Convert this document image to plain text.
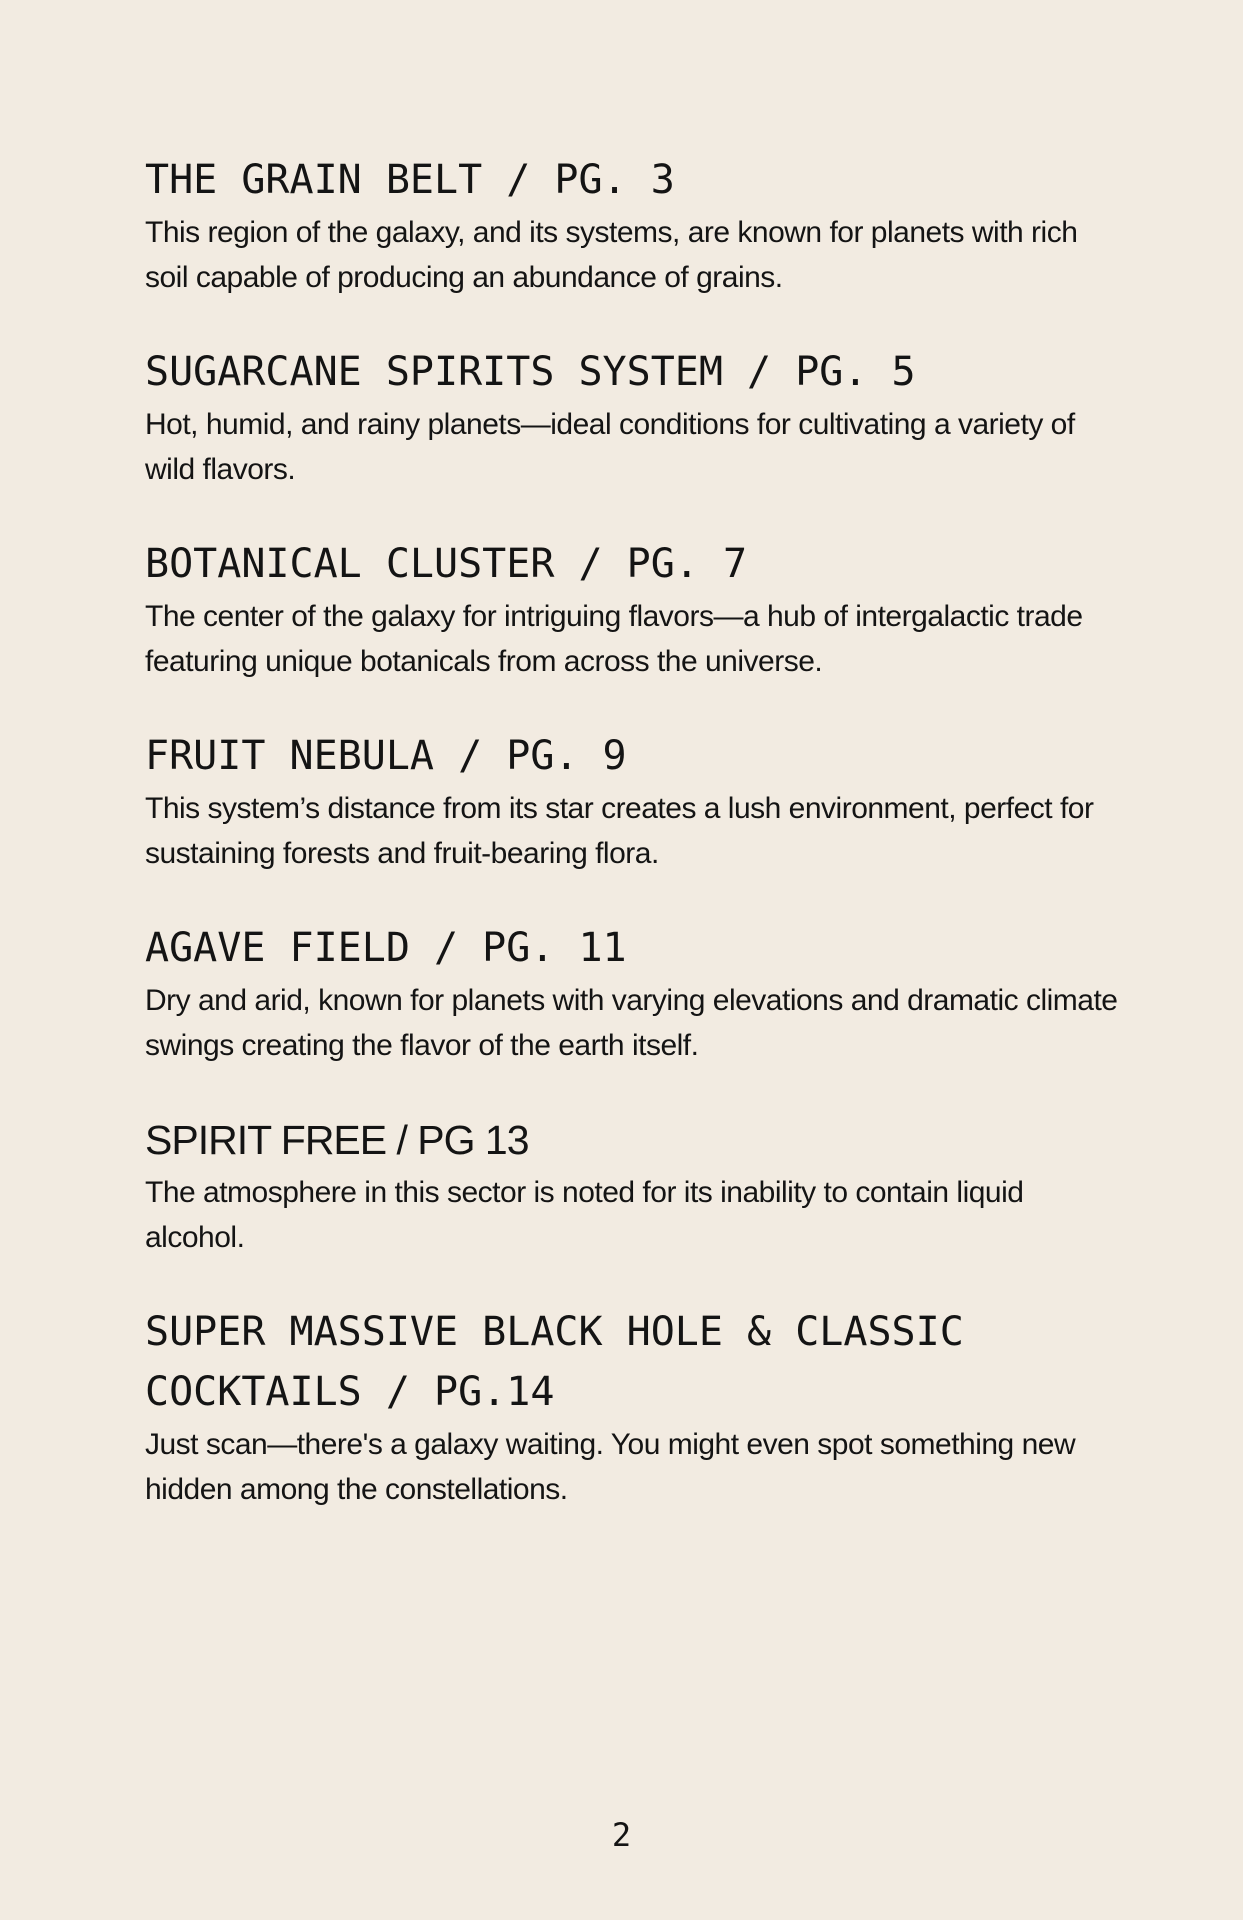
THE GRAIN BELT / PG. 3

This region of the galaxy, and its systems, are known for planets with rich soil capable of producing an abundance of grains.

SUGARCANE SPIRITS SYSTEM / PG. 5

Hot, humid, and rainy planets—ideal conditions for cultivating a variety of wild flavors.

BOTANICAL CLUSTER / PG. 7

The center of the galaxy for intriguing flavors—a hub of intergalactic trade featuring unique botanicals from across the universe.

FRUIT NEBULA / PG. 9

This system’s distance from its star creates a lush environment, perfect for sustaining forests and fruit-bearing flora.

AGAVE FIELD / PG. 11

Dry and arid, known for planets with varying elevations and dramatic climate swings creating the flavor of the earth itself.

SPIRIT FREE / PG 13

The atmosphere in this sector is noted for its inability to contain liquid alcohol.

SUPER MASSIVE BLACK HOLE & CLASSIC COCKTAILS / PG.14

Just scan—there's a galaxy waiting. You might even spot something new hidden among the constellations.

2
